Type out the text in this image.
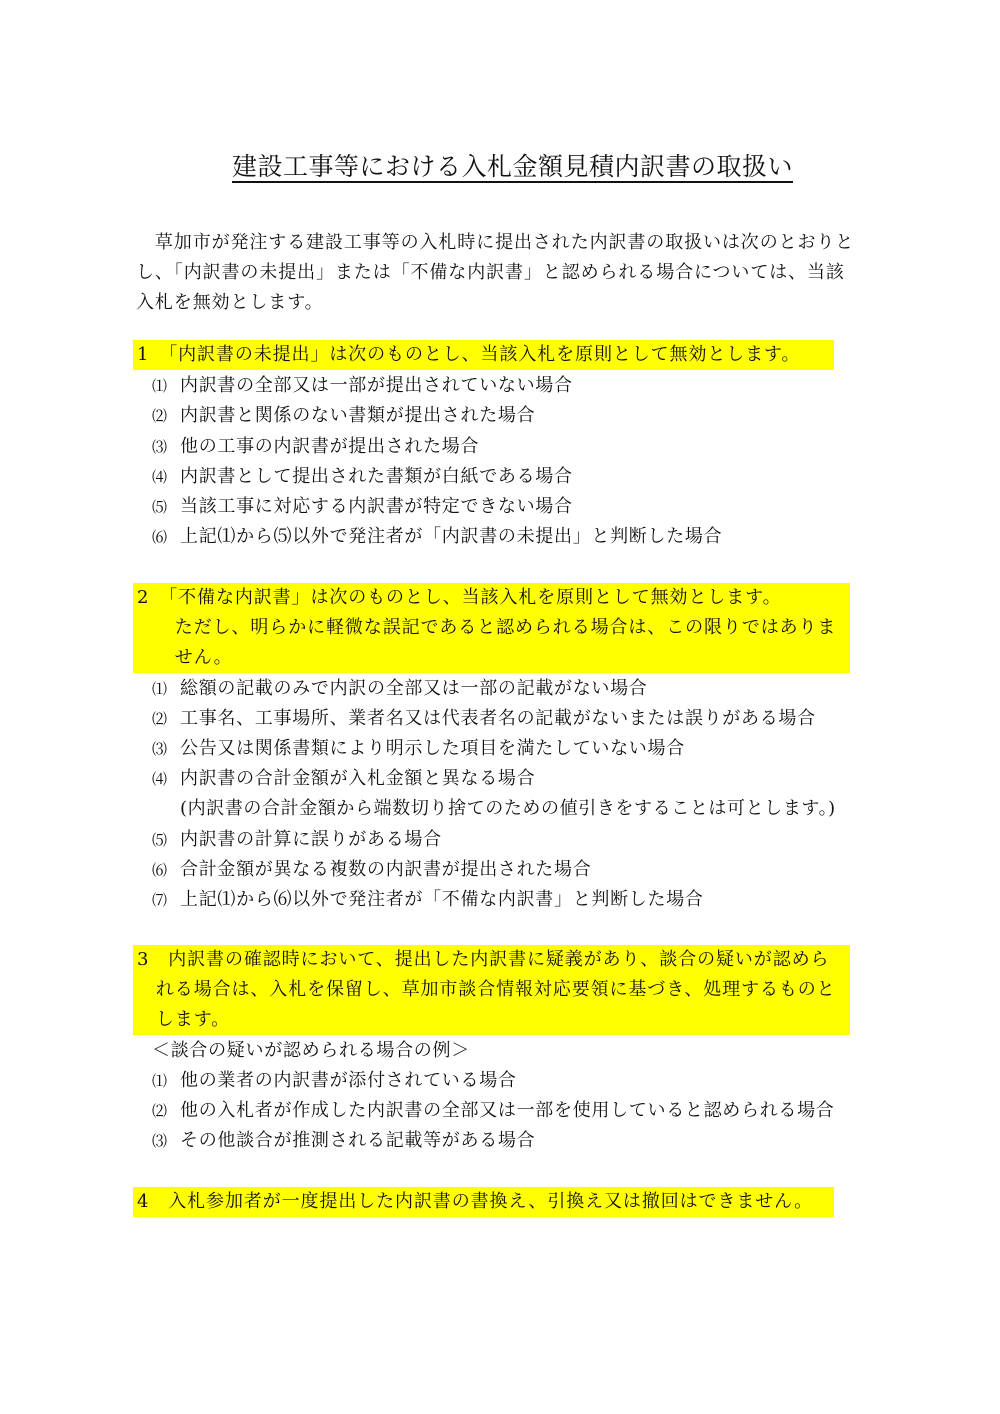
建設工事等における入札金額見積内訳書の取扱い
　草加市が発注する建設工事等の入札時に提出された内訳書の取扱いは次のとおりと
し、「内訳書の未提出」または「不備な内訳書」と認められる場合については、当該
入札を無効とします。
1　「内訳書の未提出」は次のものとし、当該入札を原則として無効とします。
⑴ 内訳書の全部又は一部が提出されていない場合
⑵ 内訳書と関係のない書類が提出された場合
⑶ 他の工事の内訳書が提出された場合
⑷ 内訳書として提出された書類が白紙である場合
⑸ 当該工事に対応する内訳書が特定できない場合
⑹ 上記⑴から⑸以外で発注者が「内訳書の未提出」と判断した場合
2　「不備な内訳書」は次のものとし、当該入札を原則として無効とします。
　　ただし、明らかに軽微な誤記であると認められる場合は、この限りではありま
　　せん。
⑴ 総額の記載のみで内訳の全部又は一部の記載がない場合
⑵ 工事名、工事場所、業者名又は代表者名の記載がないまたは誤りがある場合
⑶ 公告又は関係書類により明示した項目を満たしていない場合
⑷ 内訳書の合計金額が入札金額と異なる場合
(内訳書の合計金額から端数切り捨てのための値引きをすることは可とします。)
⑸ 内訳書の計算に誤りがある場合
⑹ 合計金額が異なる複数の内訳書が提出された場合
⑺ 上記⑴から⑹以外で発注者が「不備な内訳書」と判断した場合
3　内訳書の確認時において、提出した内訳書に疑義があり、談合の疑いが認めら
　れる場合は、入札を保留し、草加市談合情報対応要領に基づき、処理するものと
　します。
＜談合の疑いが認められる場合の例＞
⑴ 他の業者の内訳書が添付されている場合
⑵ 他の入札者が作成した内訳書の全部又は一部を使用していると認められる場合
⑶ その他談合が推測される記載等がある場合
4　入札参加者が一度提出した内訳書の書換え、引換え又は撤回はできません。
